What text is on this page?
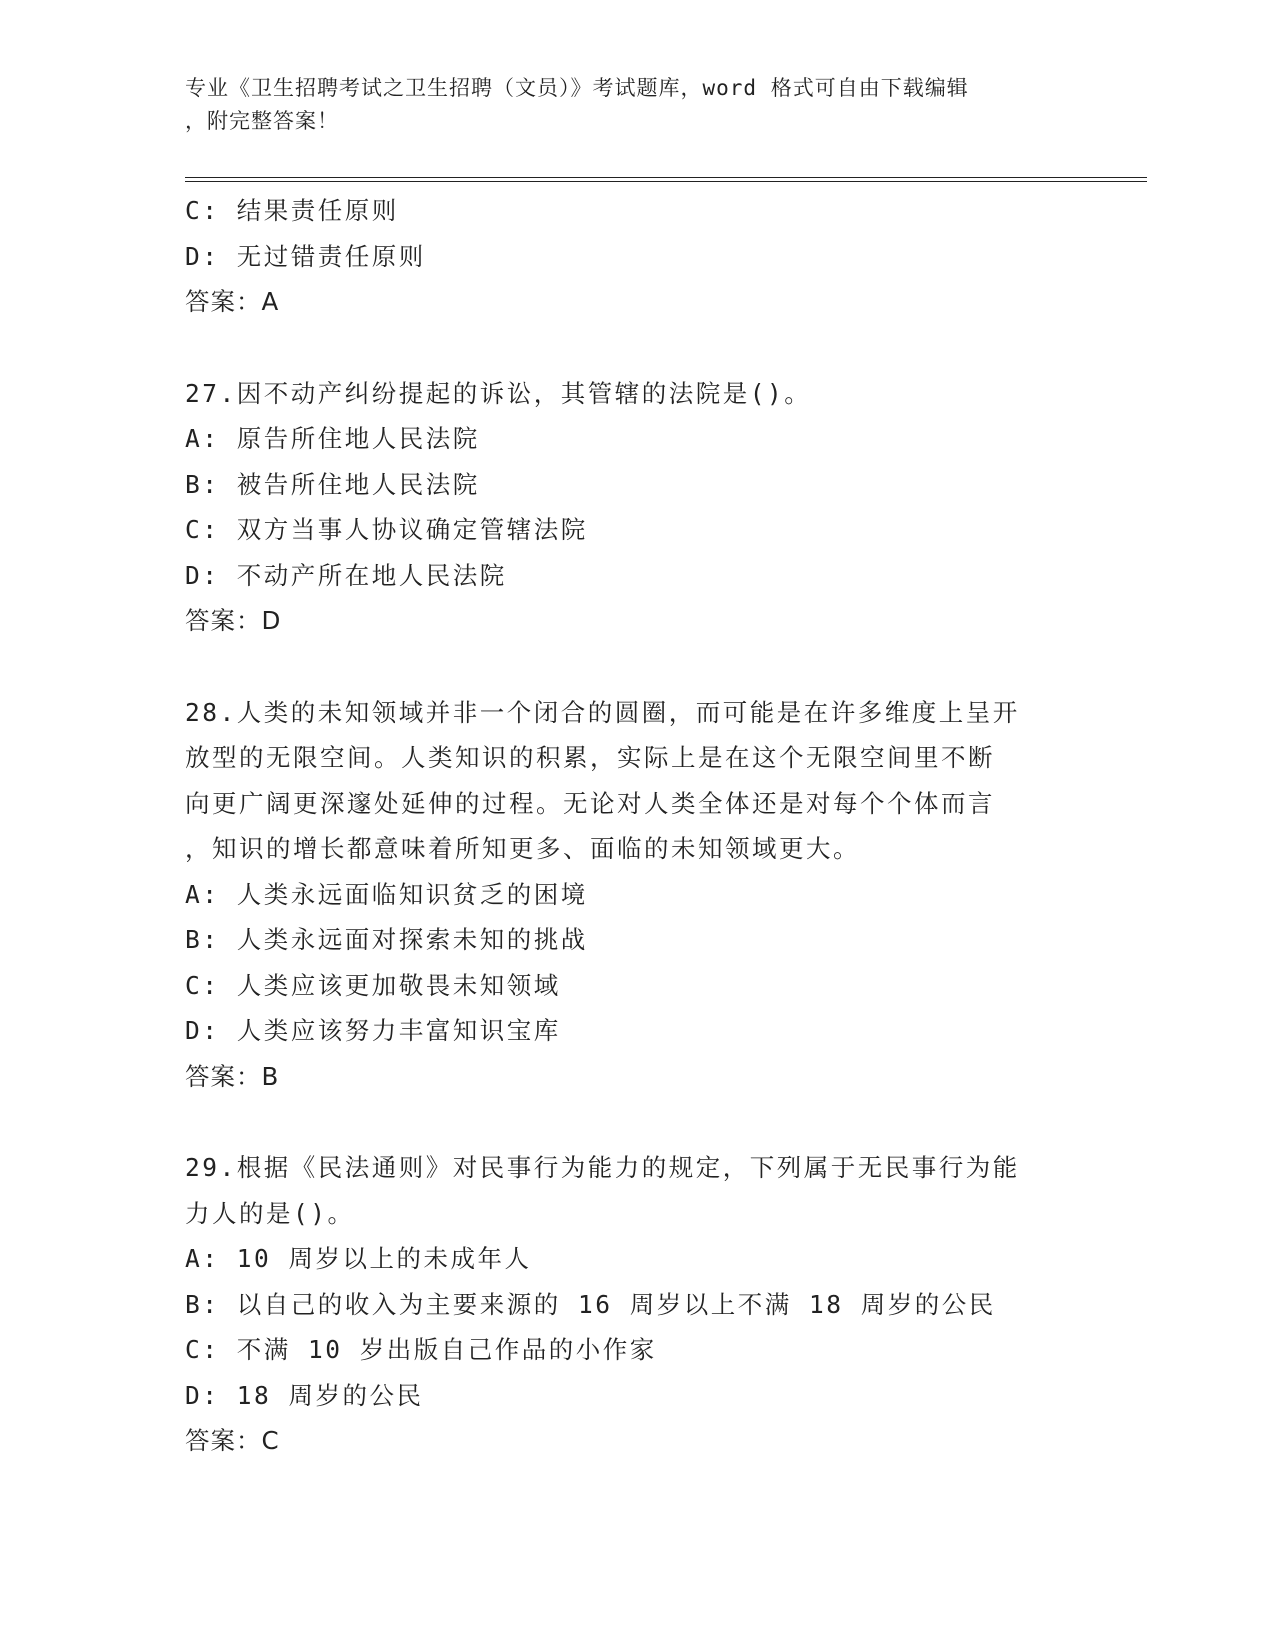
专业《卫生招聘考试之卫生招聘（文员）》考试题库，word 格式可自由下载编辑
，附完整答案！
C: 结果责任原则
D: 无过错责任原则
答案：A
27.因不动产纠纷提起的诉讼，其管辖的法院是()。
A: 原告所住地人民法院
B: 被告所住地人民法院
C: 双方当事人协议确定管辖法院
D: 不动产所在地人民法院
答案：D
28.人类的未知领域并非一个闭合的圆圈，而可能是在许多维度上呈开
放型的无限空间。人类知识的积累，实际上是在这个无限空间里不断
向更广阔更深邃处延伸的过程。无论对人类全体还是对每个个体而言
，知识的增长都意味着所知更多、面临的未知领域更大。
A: 人类永远面临知识贫乏的困境
B: 人类永远面对探索未知的挑战
C: 人类应该更加敬畏未知领域
D: 人类应该努力丰富知识宝库
答案：B
29.根据《民法通则》对民事行为能力的规定，下列属于无民事行为能
力人的是()。
A: 10 周岁以上的未成年人
B: 以自己的收入为主要来源的 16 周岁以上不满 18 周岁的公民
C: 不满 10 岁出版自己作品的小作家
D: 18 周岁的公民
答案：C
